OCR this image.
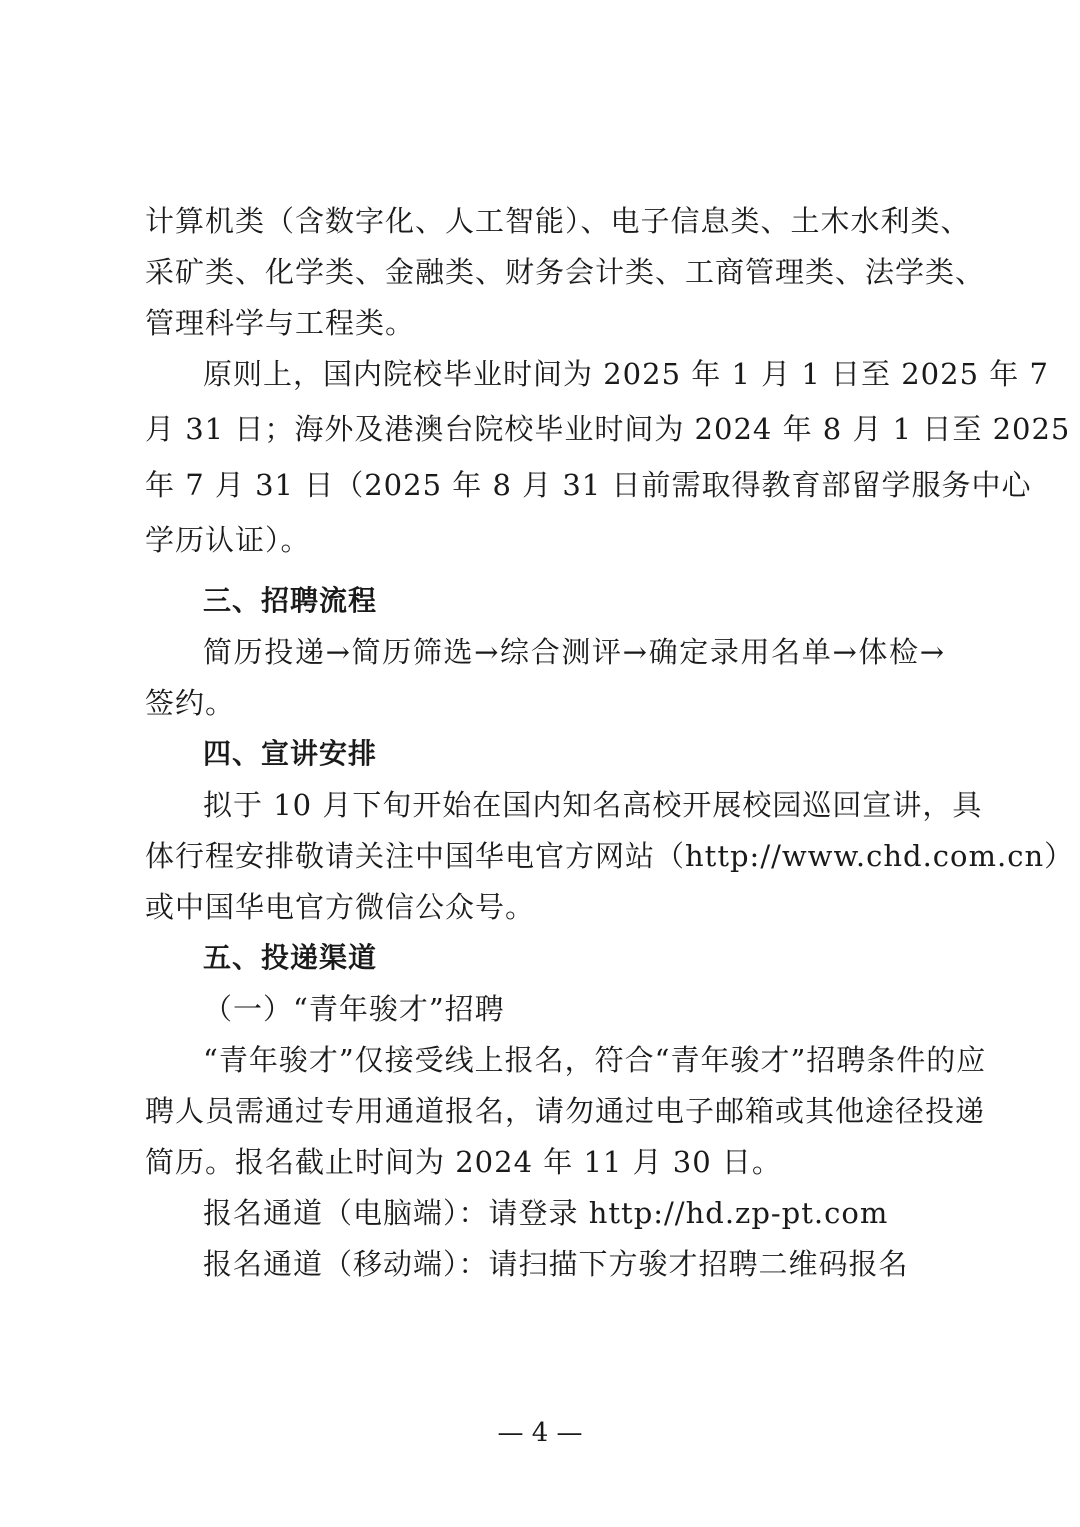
计算机类（含数字化、人工智能）、电子信息类、土木水利类、
采矿类、化学类、金融类、财务会计类、工商管理类、法学类、
管理科学与工程类。
原则上，国内院校毕业时间为 2025 年 1 月 1 日至 2025 年 7
月 31 日；海外及港澳台院校毕业时间为 2024 年 8 月 1 日至 2025
年 7 月 31 日（2025 年 8 月 31 日前需取得教育部留学服务中心
学历认证）。
三、招聘流程
简历投递→简历筛选→综合测评→确定录用名单→体检→
签约。
四、宣讲安排
拟于 10 月下旬开始在国内知名高校开展校园巡回宣讲，具
体行程安排敬请关注中国华电官方网站（http://www.chd.com.cn）
或中国华电官方微信公众号。
五、投递渠道
（一）“青年骏才”招聘
“青年骏才”仅接受线上报名，符合“青年骏才”招聘条件的应
聘人员需通过专用通道报名，请勿通过电子邮箱或其他途径投递
简历。报名截止时间为 2024 年 11 月 30 日。
报名通道（电脑端）：请登录 http://hd.zp-pt.com
报名通道（移动端）：请扫描下方骏才招聘二维码报名
— 4 —
